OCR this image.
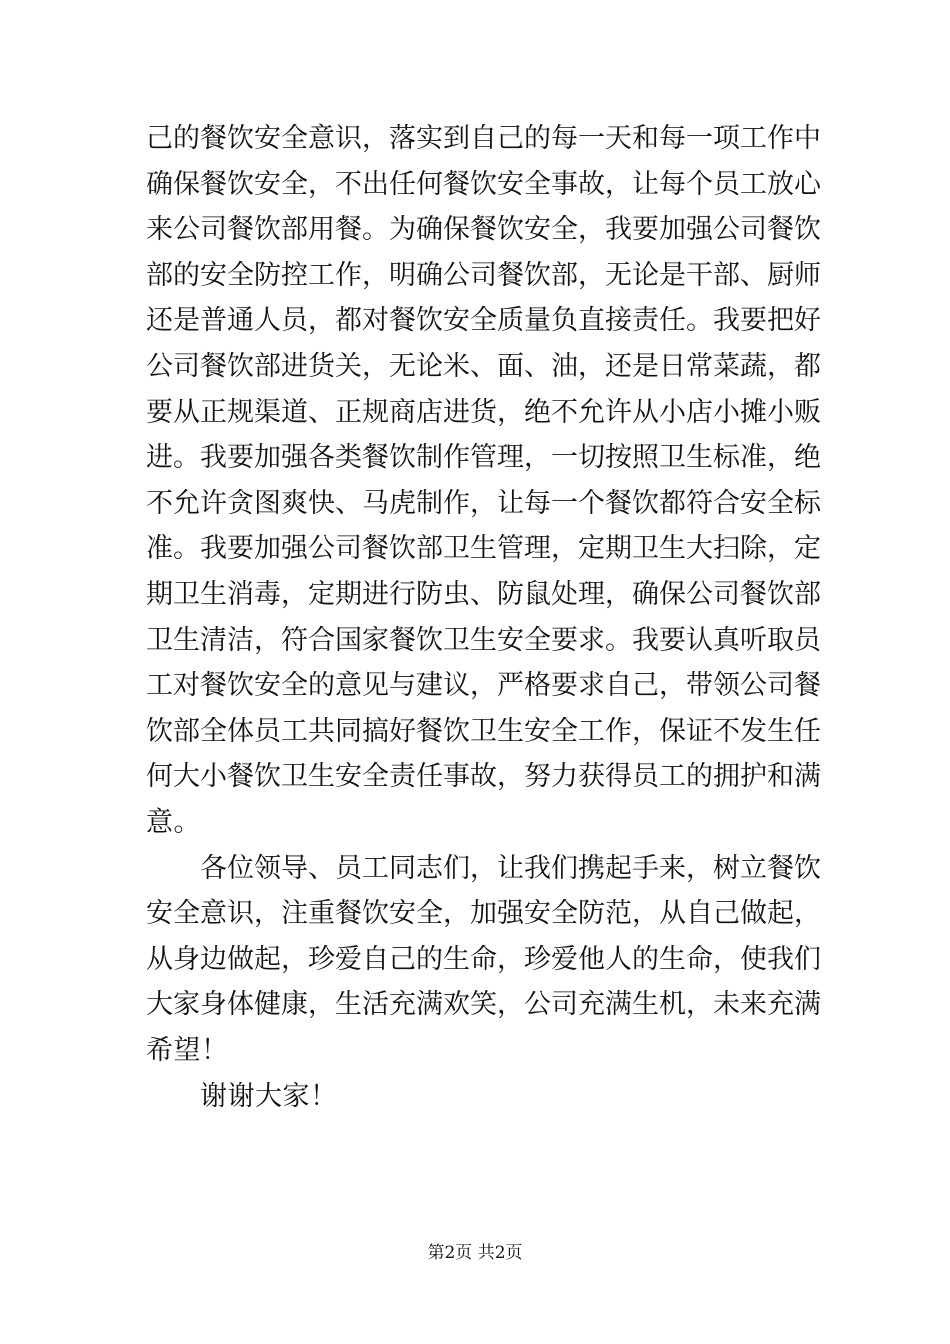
己的餐饮安全意识，落实到自己的每一天和每一项工作中
确保餐饮安全，不出任何餐饮安全事故，让每个员工放心
来公司餐饮部用餐。为确保餐饮安全，我要加强公司餐饮
部的安全防控工作，明确公司餐饮部，无论是干部、厨师
还是普通人员，都对餐饮安全质量负直接责任。我要把好
公司餐饮部进货关，无论米、面、油，还是日常菜蔬，都
要从正规渠道、正规商店进货，绝不允许从小店小摊小贩
进。我要加强各类餐饮制作管理，一切按照卫生标准，绝
不允许贪图爽快、马虎制作，让每一个餐饮都符合安全标
准。我要加强公司餐饮部卫生管理，定期卫生大扫除，定
期卫生消毒，定期进行防虫、防鼠处理，确保公司餐饮部
卫生清洁，符合国家餐饮卫生安全要求。我要认真听取员
工对餐饮安全的意见与建议，严格要求自己，带领公司餐
饮部全体员工共同搞好餐饮卫生安全工作，保证不发生任
何大小餐饮卫生安全责任事故，努力获得员工的拥护和满
意。
各位领导、员工同志们，让我们携起手来，树立餐饮
安全意识，注重餐饮安全，加强安全防范，从自己做起，
从身边做起，珍爱自己的生命，珍爱他人的生命，使我们
大家身体健康，生活充满欢笑，公司充满生机，未来充满
希望！
谢谢大家！
第2页 共2页
